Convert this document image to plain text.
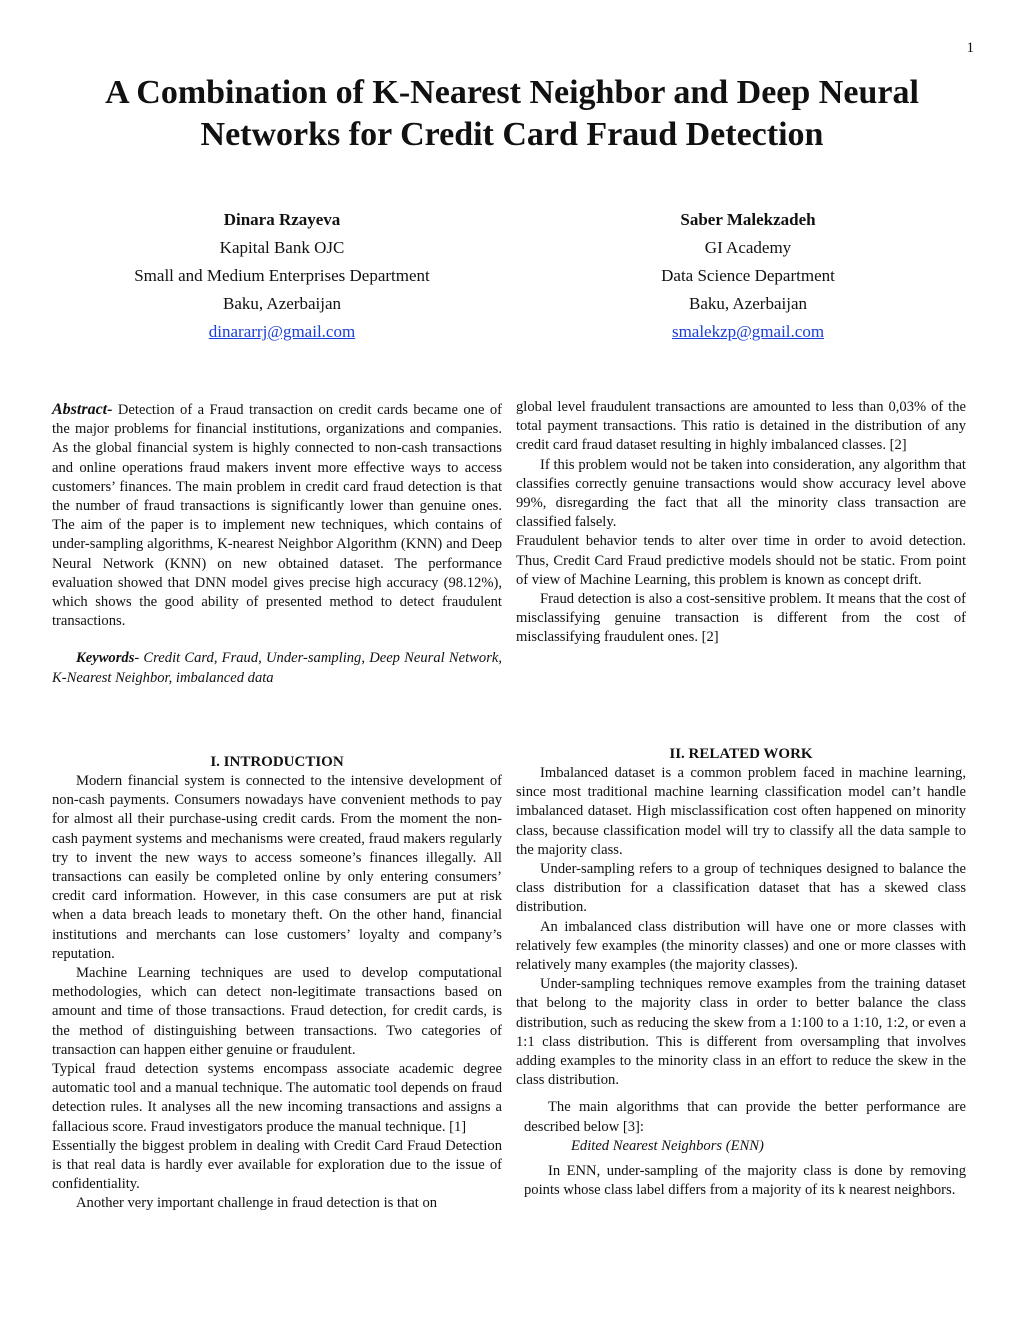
1
A Combination of K-Nearest Neighbor and Deep Neural Networks for Credit Card Fraud Detection
Dinara Rzayeva
Kapital Bank OJC
Small and Medium Enterprises Department
Baku, Azerbaijan
dinararrj@gmail.com
Saber Malekzadeh
GI Academy
Data Science Department
Baku, Azerbaijan
smalekzp@gmail.com

Abstract- Detection of a Fraud transaction on credit cards became one of the major problems for financial institutions, organizations and companies. As the global financial system is highly connected to non-cash transactions and online operations fraud makers invent more effective ways to access customers’ finances. The main problem in credit card fraud detection is that the number of fraud transactions is significantly lower than genuine ones. The aim of the paper is to implement new techniques, which contains of under-sampling algorithms, K-nearest Neighbor Algorithm (KNN) and Deep Neural Network (KNN) on new obtained dataset. The performance evaluation showed that DNN model gives precise high accuracy (98.12%), which shows the good ability of presented method to detect fraudulent transactions.

Keywords- Credit Card, Fraud, Under-sampling, Deep Neural Network, K-Nearest Neighbor, imbalanced data

global level fraudulent transactions are amounted to less than 0,03% of the total payment transactions. This ratio is detained in the distribution of any credit card fraud dataset resulting in highly imbalanced classes. [2]

If this problem would not be taken into consideration, any algorithm that classifies correctly genuine transactions would show accuracy level above 99%, disregarding the fact that all the minority class transaction are classified falsely.

Fraudulent behavior tends to alter over time in order to avoid detection. Thus, Credit Card Fraud predictive models should not be static. From point of view of Machine Learning, this problem is known as concept drift.

Fraud detection is also a cost-sensitive problem. It means that the cost of misclassifying genuine transaction is different from the cost of misclassifying fraudulent ones. [2]

I. INTRODUCTION

Modern financial system is connected to the intensive development of non-cash payments. Consumers nowadays have convenient methods to pay for almost all their purchase-using credit cards. From the moment the non-cash payment systems and mechanisms were created, fraud makers regularly try to invent the new ways to access someone’s finances illegally. All transactions can easily be completed online by only entering consumers’ credit card information. However, in this case consumers are put at risk when a data breach leads to monetary theft. On the other hand, financial institutions and merchants can lose customers’ loyalty and company’s reputation.

Machine Learning techniques are used to develop computational methodologies, which can detect non-legitimate transactions based on amount and time of those transactions. Fraud detection, for credit cards, is the method of distinguishing between transactions. Two categories of transaction can happen either genuine or fraudulent.

Typical fraud detection systems encompass associate academic degree automatic tool and a manual technique. The automatic tool depends on fraud detection rules. It analyses all the new incoming transactions and assigns a fallacious score. Fraud investigators produce the manual technique. [1]

Essentially the biggest problem in dealing with Credit Card Fraud Detection is that real data is hardly ever available for exploration due to the issue of confidentiality.

Another very important challenge in fraud detection is that on

II. RELATED WORK

Imbalanced dataset is a common problem faced in machine learning, since most traditional machine learning classification model can’t handle imbalanced dataset. High misclassification cost often happened on minority class, because classification model will try to classify all the data sample to the majority class.

Under-sampling refers to a group of techniques designed to balance the class distribution for a classification dataset that has a skewed class distribution.

An imbalanced class distribution will have one or more classes with relatively few examples (the minority classes) and one or more classes with relatively many examples (the majority classes).

Under-sampling techniques remove examples from the training dataset that belong to the majority class in order to better balance the class distribution, such as reducing the skew from a 1:100 to a 1:10, 1:2, or even a 1:1 class distribution. This is different from oversampling that involves adding examples to the minority class in an effort to reduce the skew in the class distribution.

The main algorithms that can provide the better performance are described below [3]:

Edited Nearest Neighbors (ENN)

In ENN, under-sampling of the majority class is done by removing points whose class label differs from a majority of its k nearest neighbors.
